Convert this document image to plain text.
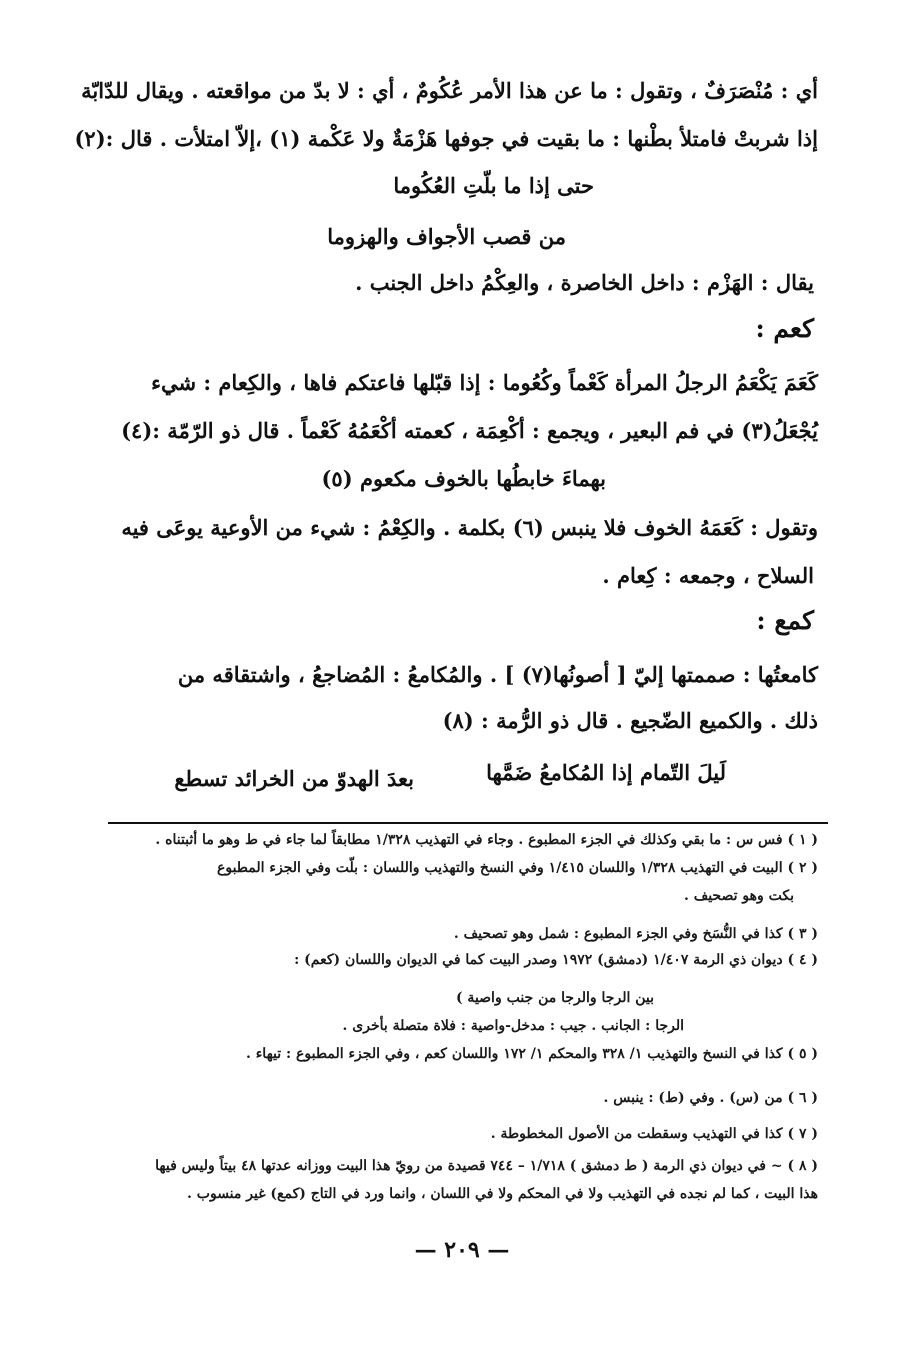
أي : مُنْصَرَفٌ ، وتقول : ما عن هذا الأمر عُكُومٌ ، أي : لا بدّ من مواقعته . ويقال للدّابّة
إذا شربتْ فامتلأ بطْنها : ما بقيت في جوفها هَزْمَةٌ ولا عَكْمة (١) ،إلاّ امتلأت . قال :(٢)
حتى إذا ما بلّتِ العُكُوما
من قصب الأجواف والهزوما
يقال : الهَزْم : داخل الخاصرة ، والعِكْمُ داخل الجنب .
كعم :
كَعَمَ يَكْعَمُ الرجلُ المرأة كَعْماً وكُعُوما : إذا قبّلها فاعتكم فاها ، والكِعام : شيء
يُجْعَلُ(٣) في فم البعير ، ويجمع : أكْعِمَة ، كعمته أكْعَمُهُ كَعْماً . قال ذو الرّمّة :(٤)
بهماءَ خابطُها بالخوف مكعوم (٥)
وتقول : كَعَمَهُ الخوف فلا ينبس (٦) بكلمة . والكِعْمُ : شيء من الأوعية يوعَى فيه
السلاح ، وجمعه : كِعام .
كمع :
كامعتُها : صممتها إليّ [ أصونُها(٧) ] . والمُكامعُ : المُضاجعُ ، واشتقاقه من
ذلك . والكميع الضّجيع . قال ذو الرُّمة : (٨)
لَيلَ التّمام إذا المُكامعُ ضَمَّها
بعدَ الهدوّ من الخرائد تسطع
( ١ ) فس س : ما بقي وكذلك في الجزء المطبوع . وجاء في التهذيب ١/٣٢٨ مطابقاً لما جاء في ط وهو ما أثبتناه .
( ٢ ) البيت في التهذيب ١/٣٢٨ واللسان ١/٤١٥ وفي النسخ والتهذيب واللسان : بلّت وفي الجزء المطبوع
بكت وهو تصحيف .
( ٣ ) كذا في النُّسَخ وفي الجزء المطبوع : شمل وهو تصحيف .
( ٤ ) ديوان ذي الرمة ١/٤٠٧ (دمشق) ١٩٧٢ وصدر البيت كما في الديوان واللسان (كعم) :
بين الرجا والرجا من جنب واصية )
الرجا : الجانب . جيب : مدخل-واصية : فلاة متصلة بأخرى .
( ٥ ) كذا في النسخ والتهذيب ١/ ٣٢٨ والمحكم ١/ ١٧٢ واللسان كعم ، وفي الجزء المطبوع : تيهاء .
( ٦ ) من (س) . وفي (ط) : ينبس .
( ٧ ) كذا في التهذيب وسقطت من الأصول المخطوطة .
( ٨ ) ~ في ديوان ذي الرمة ( ط دمشق ) ١/٧١٨ – ٧٤٤ قصيدة من رويّ هذا البيت ووزانه عدتها ٤٨ بيتاً وليس فيها
هذا البيت ، كما لم نجده في التهذيب ولا في المحكم ولا في اللسان ، وانما ورد في التاج (كمع) غير منسوب .
— ٢٠٩ —
